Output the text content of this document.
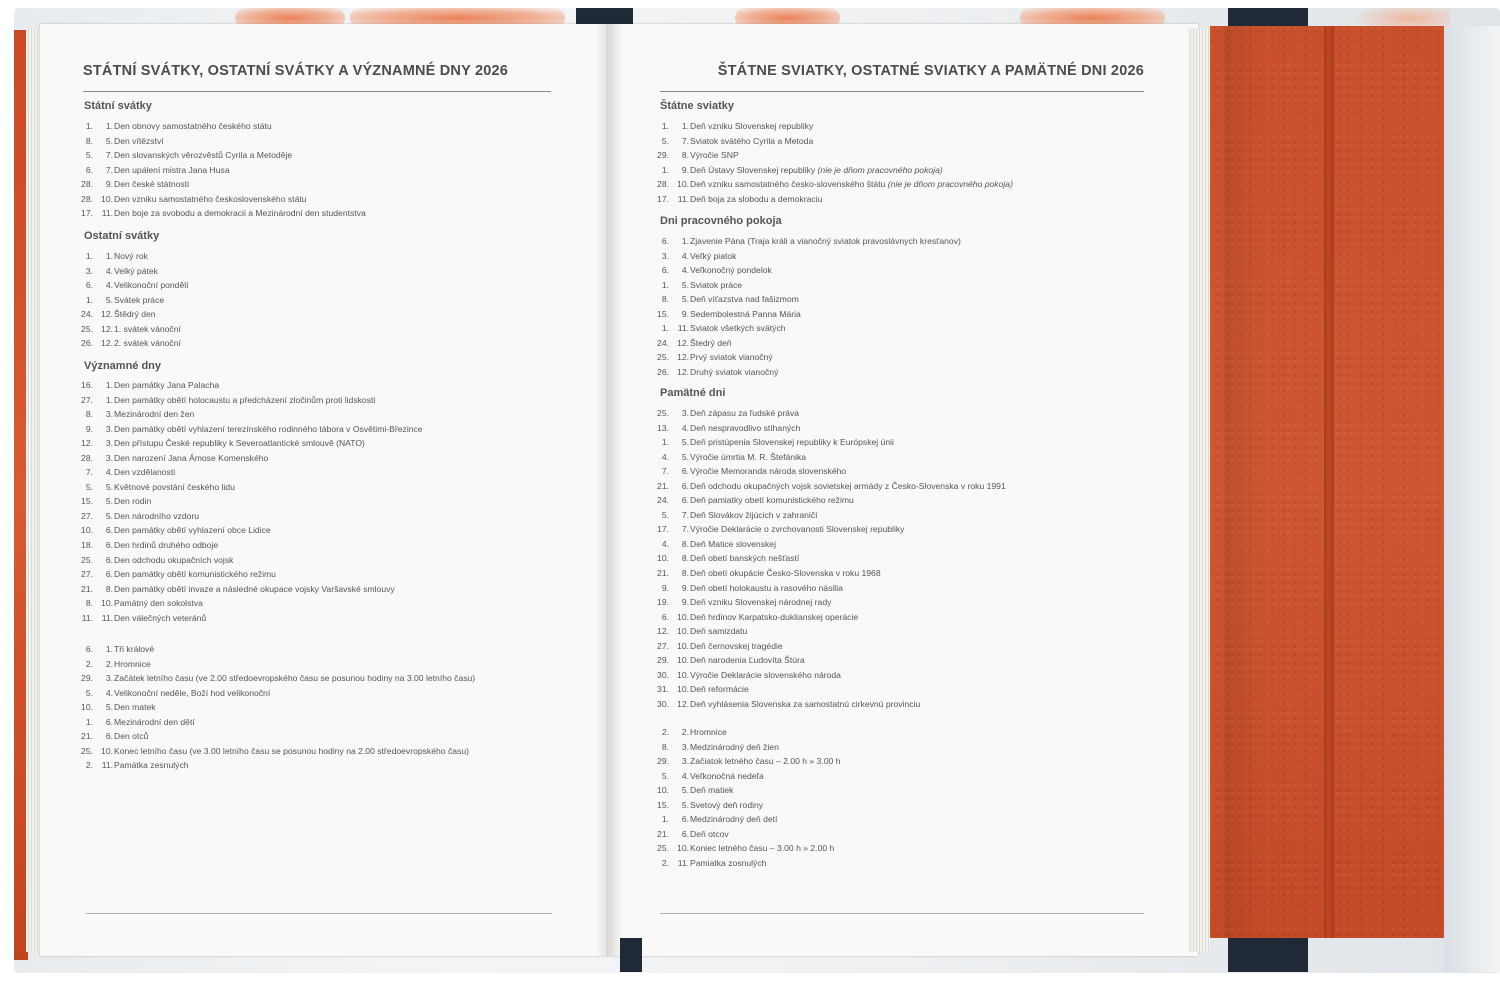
STÁTNÍ SVÁTKY, OSTATNÍ SVÁTKY A VÝZNAMNÉ DNY 2026
Státní svátky
1.	1. Den obnovy samostatného českého státu
8.	5. Den vítězství
5.	7. Den slovanských věrozvěstů Cyrila a Metoděje
6.	7. Den upálení mistra Jana Husa
28.	9. Den české státnosti
28. 10. Den vzniku samostatného československého státu
17.	11. Den boje za svobodu a demokracii a Mezinárodní den studentstva
Ostatní svátky
1.	1. Nový rok
3.	4. Velký pátek
6.	4. Velikonoční pondělí
1.	5. Svátek práce
24. 12. Štědrý den
25. 12. 1. svátek vánoční
26. 12. 2. svátek vánoční
Významné dny
16.	1. Den památky Jana Palacha
27.	1. Den památky obětí holocaustu a předcházení zločinům proti lidskosti
8.	3. Mezinárodní den žen
9.	3. Den památky obětí vyhlazení terezínského rodinného tábora v Osvětimi-Březince
12.	3. Den přístupu České republiky k Severoatlantické smlouvě (NATO)
28.	3. Den narození Jana Ámose Komenského
7.	4. Den vzdělanosti
5.	5. Květnové povstání českého lidu
15.	5. Den rodin
27.	5. Den národního vzdoru
10.	6. Den památky obětí vyhlazení obce Lidice
18.	6. Den hrdinů druhého odboje
25.	6. Den odchodu okupačních vojsk
27.	6. Den památky obětí komunistického režimu
21.	8. Den památky obětí invaze a následné okupace vojsky Varšavské smlouvy
8. 10. Památný den sokolstva
11.	11. Den válečných veteránů
6.	1. Tři králové
2.	2. Hromnice
29.	3. Začátek letního času (ve 2.00 středoevropského času se posunou hodiny na 3.00 letního času)
5.	4. Velikonoční neděle, Boží hod velikonoční
10.	5. Den matek
1.	6. Mezinárodní den dětí
21.	6. Den otců
25. 10. Konec letního času (ve 3.00 letního času se posunou hodiny na 2.00 středoevropského času)
2.	11. Památka zesnulých
ŠTÁTNE SVIATKY, OSTATNÉ SVIATKY A PAMÄTNÉ DNI 2026
Štátne sviatky
1.	1. Deň vzniku Slovenskej republiky
5.	7. Sviatok svätého Cyrila a Metoda
29.	8. Výročie SNP
1.	9. Deň Ústavy Slovenskej republiky (nie je dňom pracovného pokoja)
28. 10. Deň vzniku samostatného česko-slovenského štátu (nie je dňom pracovného pokoja)
17.	11. Deň boja za slobodu a demokraciu
Dni pracovného pokoja
6.	1. Zjavenie Pána (Traja králi a vianočný sviatok pravoslávnych kresťanov)
3.	4. Veľký piatok
6.	4. Veľkonočný pondelok
1.	5. Sviatok práce
8.	5. Deň víťazstva nad fašizmom
15.	9. Sedembolestná Panna Mária
1.	11. Sviatok všetkých svätých
24. 12. Štedrý deň
25. 12. Prvý sviatok vianočný
26. 12. Druhý sviatok vianočný
Pamätné dni
25.	3. Deň zápasu za ľudské práva
13.	4. Deň nespravodlivo stíhaných
1.	5. Deň pristúpenia Slovenskej republiky k Európskej únii
4.	5. Výročie úmrtia M. R. Štefánika
7.	6. Výročie Memoranda národa slovenského
21.	6. Deň odchodu okupačných vojsk sovietskej armády z Česko-Slovenska v roku 1991
24.	6. Deň pamiatky obetí komunistického režimu
5.	7. Deň Slovákov žijúcich v zahraničí
17.	7. Výročie Deklarácie o zvrchovanosti Slovenskej republiky
4.	8. Deň Matice slovenskej
10.	8. Deň obetí banských nešťastí
21.	8. Deň obetí okupácie Česko-Slovenska v roku 1968
9.	9. Deň obetí holokaustu a rasového násilia
19.	9. Deň vzniku Slovenskej národnej rady
6. 10. Deň hrdinov Karpatsko-duklianskej operácie
12. 10. Deň samizdatu
27. 10. Deň černovskej tragédie
29. 10. Deň narodenia Ľudovíta Štúra
30. 10. Výročie Deklarácie slovenského národa
31. 10. Deň reformácie
30. 12. Deň vyhlásenia Slovenska za samostatnú cirkevnú provinciu
2.	2. Hromnice
8.	3. Medzinárodný deň žien
29.	3. Začiatok letného času – 2.00 h » 3.00 h
5.	4. Veľkonočná nedeľa
10.	5. Deň matiek
15.	5. Svetový deň rodiny
1.	6. Medzinárodný deň detí
21.	6. Deň otcov
25. 10. Koniec letného času – 3.00 h » 2.00 h
2.	11. Pamiatka zosnulých
